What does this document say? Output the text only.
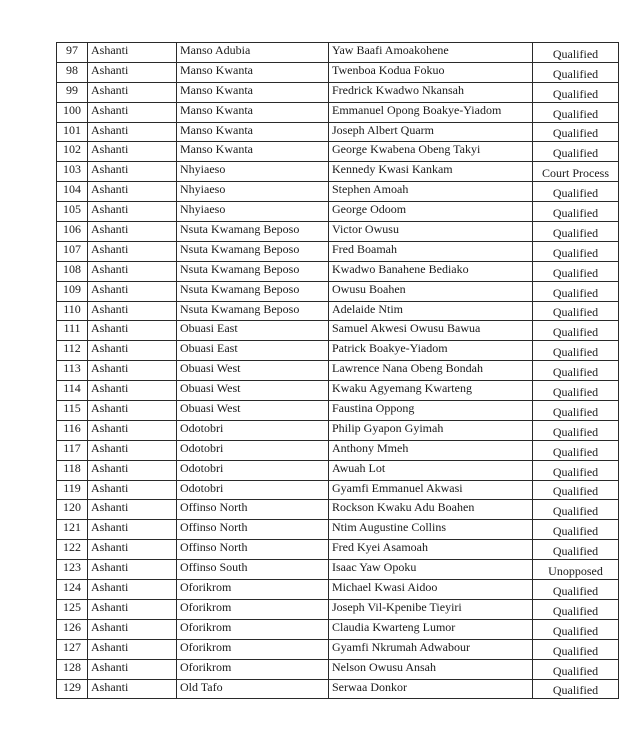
97	Ashanti	Manso Adubia	Yaw Baafi Amoakohene	Qualified
98	Ashanti	Manso Kwanta	Twenboa Kodua Fokuo	Qualified
99	Ashanti	Manso Kwanta	Fredrick Kwadwo Nkansah	Qualified
100	Ashanti	Manso Kwanta	Emmanuel Opong Boakye-Yiadom	Qualified
101	Ashanti	Manso Kwanta	Joseph Albert Quarm	Qualified
102	Ashanti	Manso Kwanta	George Kwabena Obeng Takyi	Qualified
103	Ashanti	Nhyiaeso	Kennedy Kwasi Kankam	Court Process
104	Ashanti	Nhyiaeso	Stephen Amoah	Qualified
105	Ashanti	Nhyiaeso	George Odoom	Qualified
106	Ashanti	Nsuta Kwamang Beposo	Victor Owusu	Qualified
107	Ashanti	Nsuta Kwamang Beposo	Fred Boamah	Qualified
108	Ashanti	Nsuta Kwamang Beposo	Kwadwo Banahene Bediako	Qualified
109	Ashanti	Nsuta Kwamang Beposo	Owusu Boahen	Qualified
110	Ashanti	Nsuta Kwamang Beposo	Adelaide Ntim	Qualified
111	Ashanti	Obuasi East	Samuel Akwesi Owusu Bawua	Qualified
112	Ashanti	Obuasi East	Patrick Boakye-Yiadom	Qualified
113	Ashanti	Obuasi West	Lawrence Nana Obeng Bondah	Qualified
114	Ashanti	Obuasi West	Kwaku Agyemang Kwarteng	Qualified
115	Ashanti	Obuasi West	Faustina Oppong	Qualified
116	Ashanti	Odotobri	Philip Gyapon Gyimah	Qualified
117	Ashanti	Odotobri	Anthony Mmeh	Qualified
118	Ashanti	Odotobri	Awuah Lot	Qualified
119	Ashanti	Odotobri	Gyamfi Emmanuel Akwasi	Qualified
120	Ashanti	Offinso North	Rockson Kwaku Adu Boahen	Qualified
121	Ashanti	Offinso North	Ntim Augustine Collins	Qualified
122	Ashanti	Offinso North	Fred Kyei Asamoah	Qualified
123	Ashanti	Offinso South	Isaac Yaw Opoku	Unopposed
124	Ashanti	Oforikrom	Michael Kwasi Aidoo	Qualified
125	Ashanti	Oforikrom	Joseph Vil-Kpenibe Tieyiri	Qualified
126	Ashanti	Oforikrom	Claudia Kwarteng Lumor	Qualified
127	Ashanti	Oforikrom	Gyamfi Nkrumah Adwabour	Qualified
128	Ashanti	Oforikrom	Nelson Owusu Ansah	Qualified
129	Ashanti	Old Tafo	Serwaa Donkor	Qualified
